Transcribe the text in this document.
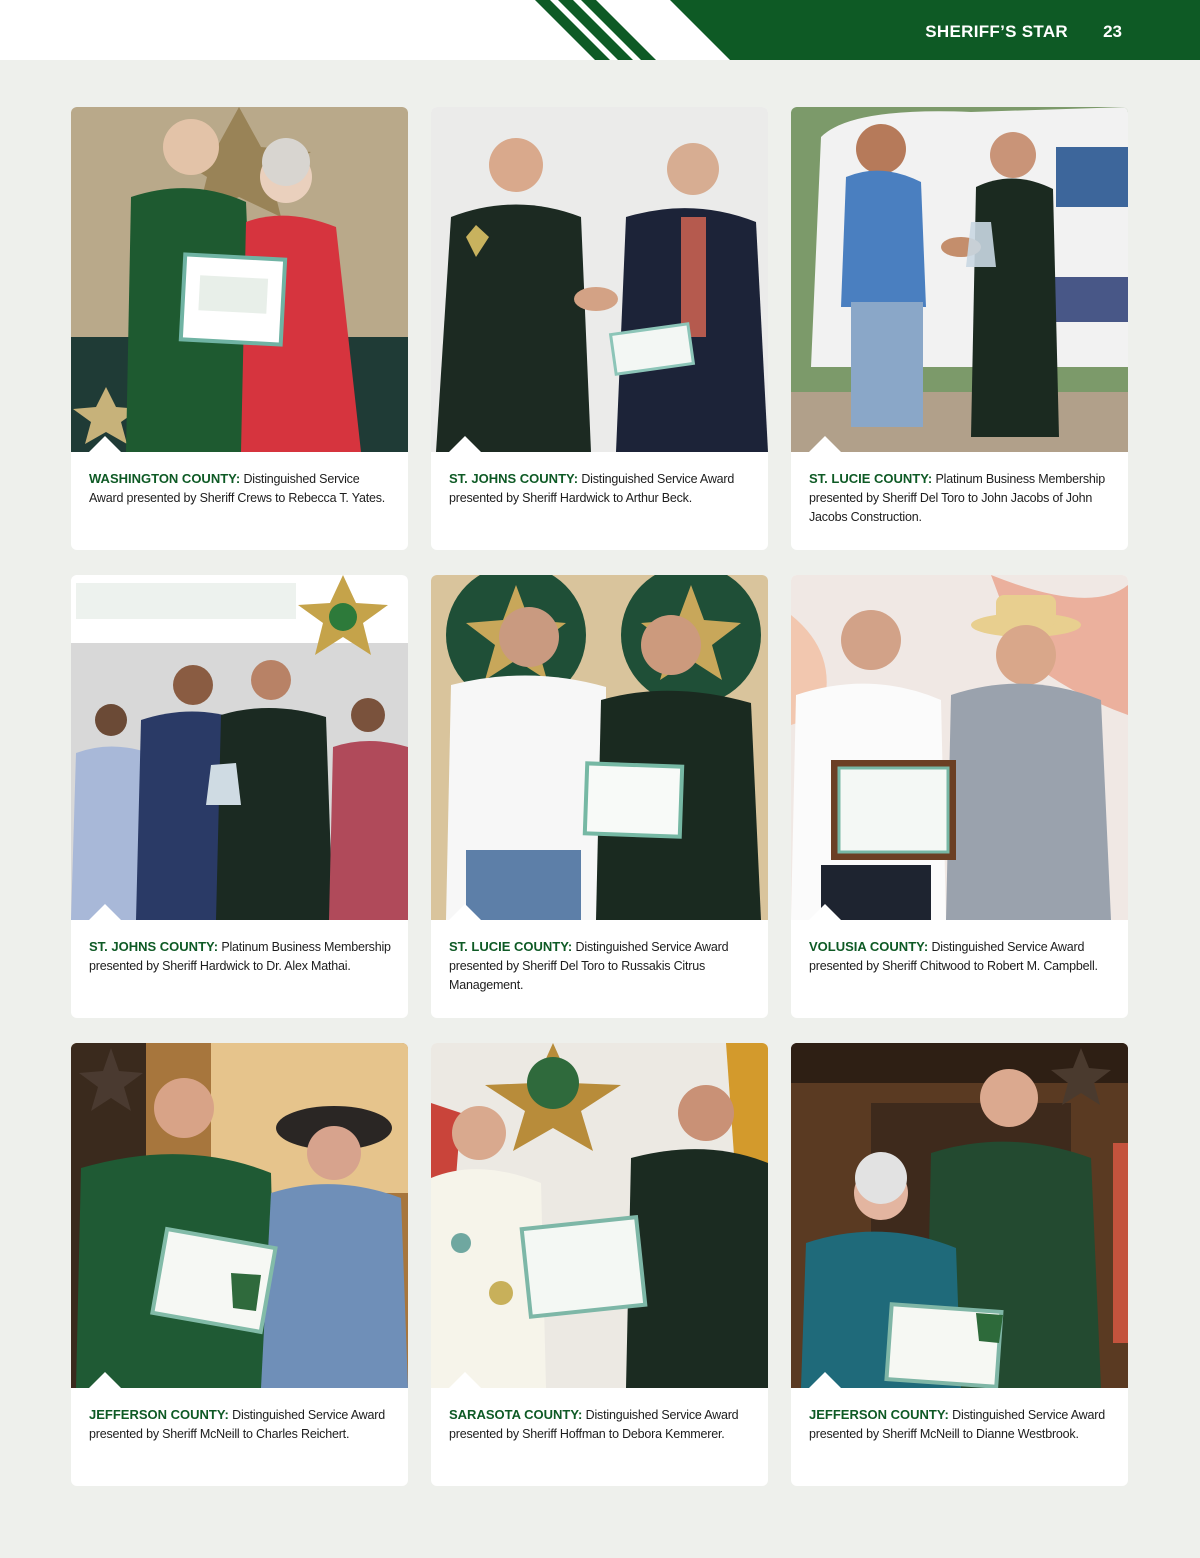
SHERIFF’S STAR 23

WASHINGTON COUNTY: Distinguished Service Award presented by Sheriff Crews to Rebecca T. Yates.

ST. JOHNS COUNTY: Distinguished Service Award presented by Sheriff Hardwick to Arthur Beck.

ST. LUCIE COUNTY: Platinum Business Membership presented by Sheriff Del Toro to John Jacobs of John Jacobs Construction.

ST. JOHNS COUNTY: Platinum Business Membership presented by Sheriff Hardwick to Dr. Alex Mathai.

ST. LUCIE COUNTY: Distinguished Service Award presented by Sheriff Del Toro to Russakis Citrus Management.

VOLUSIA COUNTY: Distinguished Service Award presented by Sheriff Chitwood to Robert M. Campbell.

JEFFERSON COUNTY: Distinguished Service Award presented by Sheriff McNeill to Charles Reichert.

SARASOTA COUNTY: Distinguished Service Award presented by Sheriff Hoffman to Debora Kemmerer.

JEFFERSON COUNTY: Distinguished Service Award presented by Sheriff McNeill to Dianne Westbrook.
